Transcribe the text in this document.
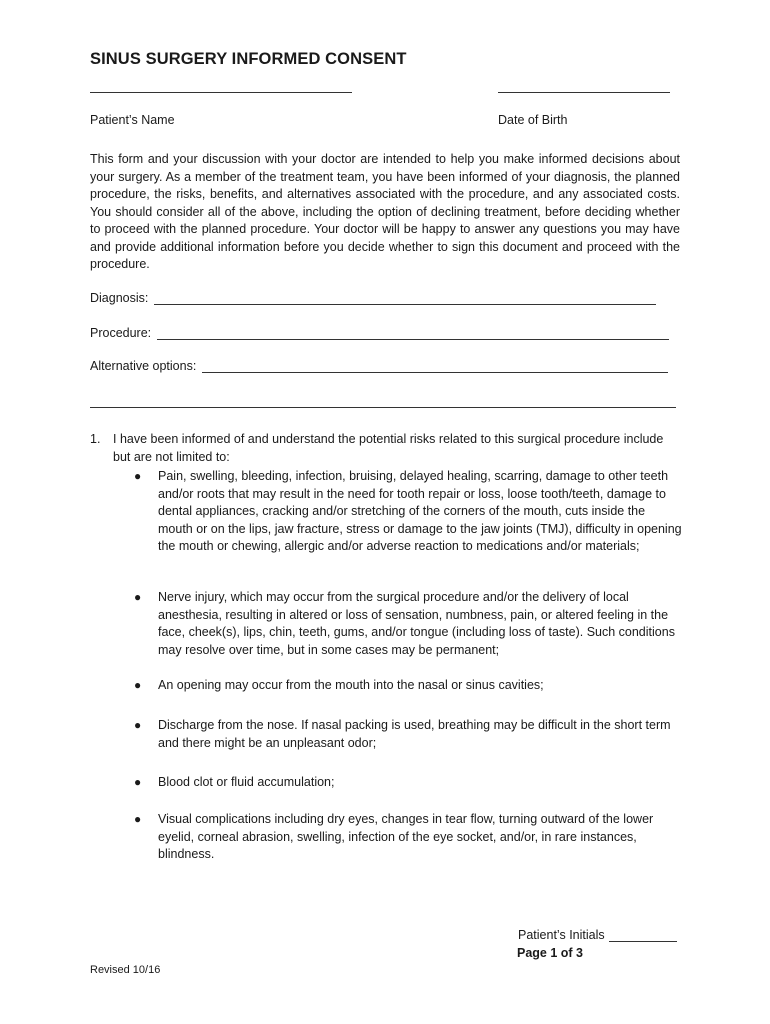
SINUS SURGERY INFORMED CONSENT
Patient’s Name	Date of Birth

This form and your discussion with your doctor are intended to help you make informed decisions about your surgery. As a member of the treatment team, you have been informed of your diagnosis, the planned procedure, the risks, benefits, and alternatives associated with the procedure, and any associated costs. You should consider all of the above, including the option of declining treatment, before deciding whether to proceed with the planned procedure. Your doctor will be happy to answer any questions you may have and provide additional information before you decide whether to sign this document and proceed with the procedure.

Diagnosis:
Procedure:
Alternative options:
1. I have been informed of and understand the potential risks related to this surgical procedure include but are not limited to:
● Pain, swelling, bleeding, infection, bruising, delayed healing, scarring, damage to other teeth and/or roots that may result in the need for tooth repair or loss, loose tooth/teeth, damage to dental appliances, cracking and/or stretching of the corners of the mouth, cuts inside the mouth or on the lips, jaw fracture, stress or damage to the jaw joints (TMJ), difficulty in opening the mouth or chewing, allergic and/or adverse reaction to medications and/or materials;
● Nerve injury, which may occur from the surgical procedure and/or the delivery of local anesthesia, resulting in altered or loss of sensation, numbness, pain, or altered feeling in the face, cheek(s), lips, chin, teeth, gums, and/or tongue (including loss of taste). Such conditions may resolve over time, but in some cases may be permanent;
● An opening may occur from the mouth into the nasal or sinus cavities;
● Discharge from the nose. If nasal packing is used, breathing may be difficult in the short term and there might be an unpleasant odor;
● Blood clot or fluid accumulation;
● Visual complications including dry eyes, changes in tear flow, turning outward of the lower eyelid, corneal abrasion, swelling, infection of the eye socket, and/or, in rare instances, blindness.
Patient’s Initials
Page 1 of 3
Revised 10/16
